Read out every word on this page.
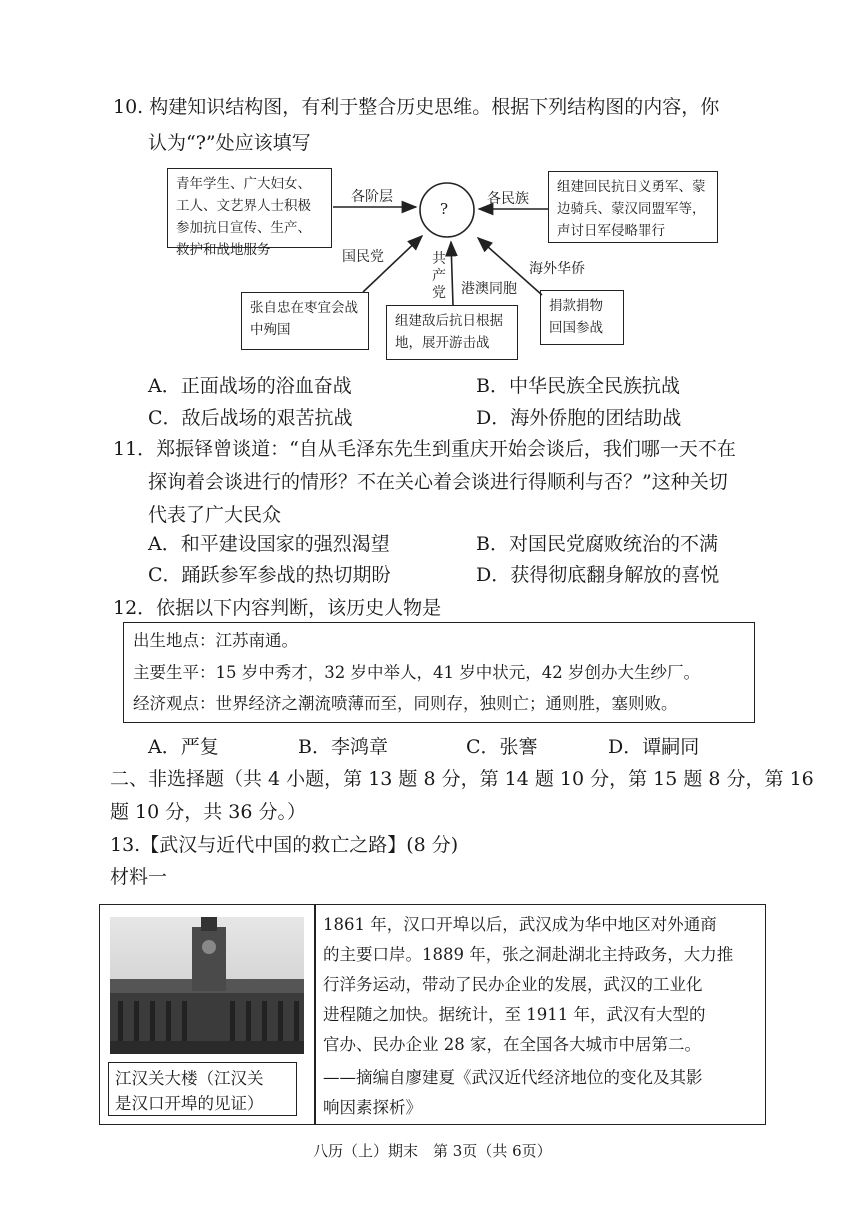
10. 构建知识结构图，有利于整合历史思维。根据下列结构图的内容，你
认为“?”处应该填写
?
青年学生、广大妇女、工人、文艺界人士积极参加抗日宣传、生产、救护和战地服务
各阶层
组建回民抗日义勇军、蒙边骑兵、蒙汉同盟军等，声讨日军侵略罪行
各民族
国民党
张自忠在枣宜会战中殉国
共
产
党 港澳同胞
组建敌后抗日根据地，展开游击战
海外华侨
捐款捐物回国参战
A．正面战场的浴血奋战	B．中华民族全民族抗战
C．敌后战场的艰苦抗战	D．海外侨胞的团结助战
11．郑振铎曾谈道：“自从毛泽东先生到重庆开始会谈后，我们哪一天不在
探询着会谈进行的情形？不在关心着会谈进行得顺利与否？”这种关切
代表了广大民众
A．和平建设国家的强烈渴望	B．对国民党腐败统治的不满
C．踊跃参军参战的热切期盼	D．获得彻底翻身解放的喜悦
12．依据以下内容判断，该历史人物是
出生地点：江苏南通。
主要生平：15 岁中秀才，32 岁中举人，41 岁中状元，42 岁创办大生纱厂。
经济观点：世界经济之潮流喷薄而至，同则存，独则亡；通则胜，塞则败。
A．严复	B．李鸿章	C．张謇	D．谭嗣同
二、非选择题（共 4 小题，第 13 题 8 分，第 14 题 10 分，第 15 题 8 分，第 16
题 10 分，共 36 分。）
13.【武汉与近代中国的救亡之路】(8 分)
材料一
江汉关大楼（江汉关
是汉口开埠的见证）
1861 年，汉口开埠以后，武汉成为华中地区对外通商
的主要口岸。1889 年，张之洞赴湖北主持政务，大力推
行洋务运动，带动了民办企业的发展，武汉的工业化
进程随之加快。据统计，至 1911 年，武汉有大型的
官办、民办企业 28 家，在全国各大城市中居第二。
——摘编自廖建夏《武汉近代经济地位的变化及其影
响因素探析》
八历（上）期末　第 3页（共 6页）
